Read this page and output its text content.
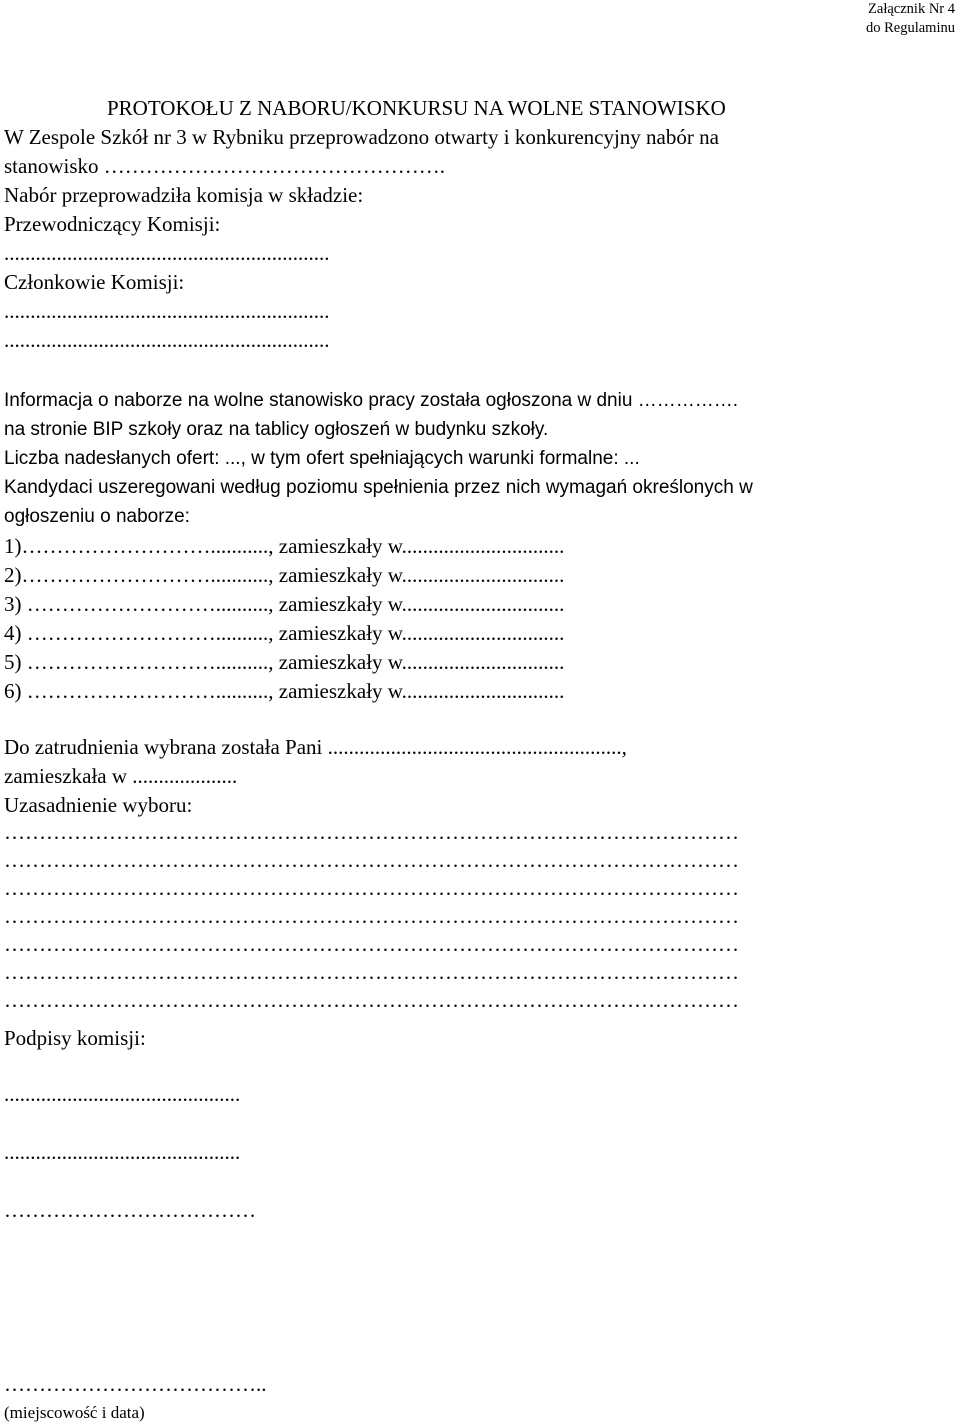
Załącznik Nr 4
do Regulaminu
PROTOKOŁU Z NABORU/KONKURSU NA WOLNE STANOWISKO
W Zespole Szkół nr 3 w Rybniku przeprowadzono otwarty i konkurencyjny nabór na
stanowisko ………………………………………….
Nabór przeprowadziła komisja w składzie:
Przewodniczący Komisji:
..............................................................
Członkowie Komisji:
..............................................................
..............................................................
Informacja o naborze na wolne stanowisko pracy została ogłoszona w dniu …………….
na stronie BIP szkoły oraz na tablicy ogłoszeń w budynku szkoły.
Liczba nadesłanych ofert: ..., w tym ofert spełniających warunki formalne: ...
Kandydaci uszeregowani według poziomu spełnienia przez nich wymagań określonych w
ogłoszeniu o naborze:
1)………………………..........., zamieszkały w...............................
2)………………………..........., zamieszkały w...............................
3) ……………………….........., zamieszkały w...............................
4) ……………………….........., zamieszkały w...............................
5) ……………………….........., zamieszkały w...............................
6) ……………………….........., zamieszkały w...............................
Do zatrudnienia wybrana została Pani ........................................................,
zamieszkała w ....................
Uzasadnienie wyboru:
……………………………………………………………………………………………
……………………………………………………………………………………………
……………………………………………………………………………………………
……………………………………………………………………………………………
……………………………………………………………………………………………
……………………………………………………………………………………………
……………………………………………………………………………………………
Podpisy komisji:
.............................................
.............................................
………………………………
………………………………..
(miejscowość i data)
